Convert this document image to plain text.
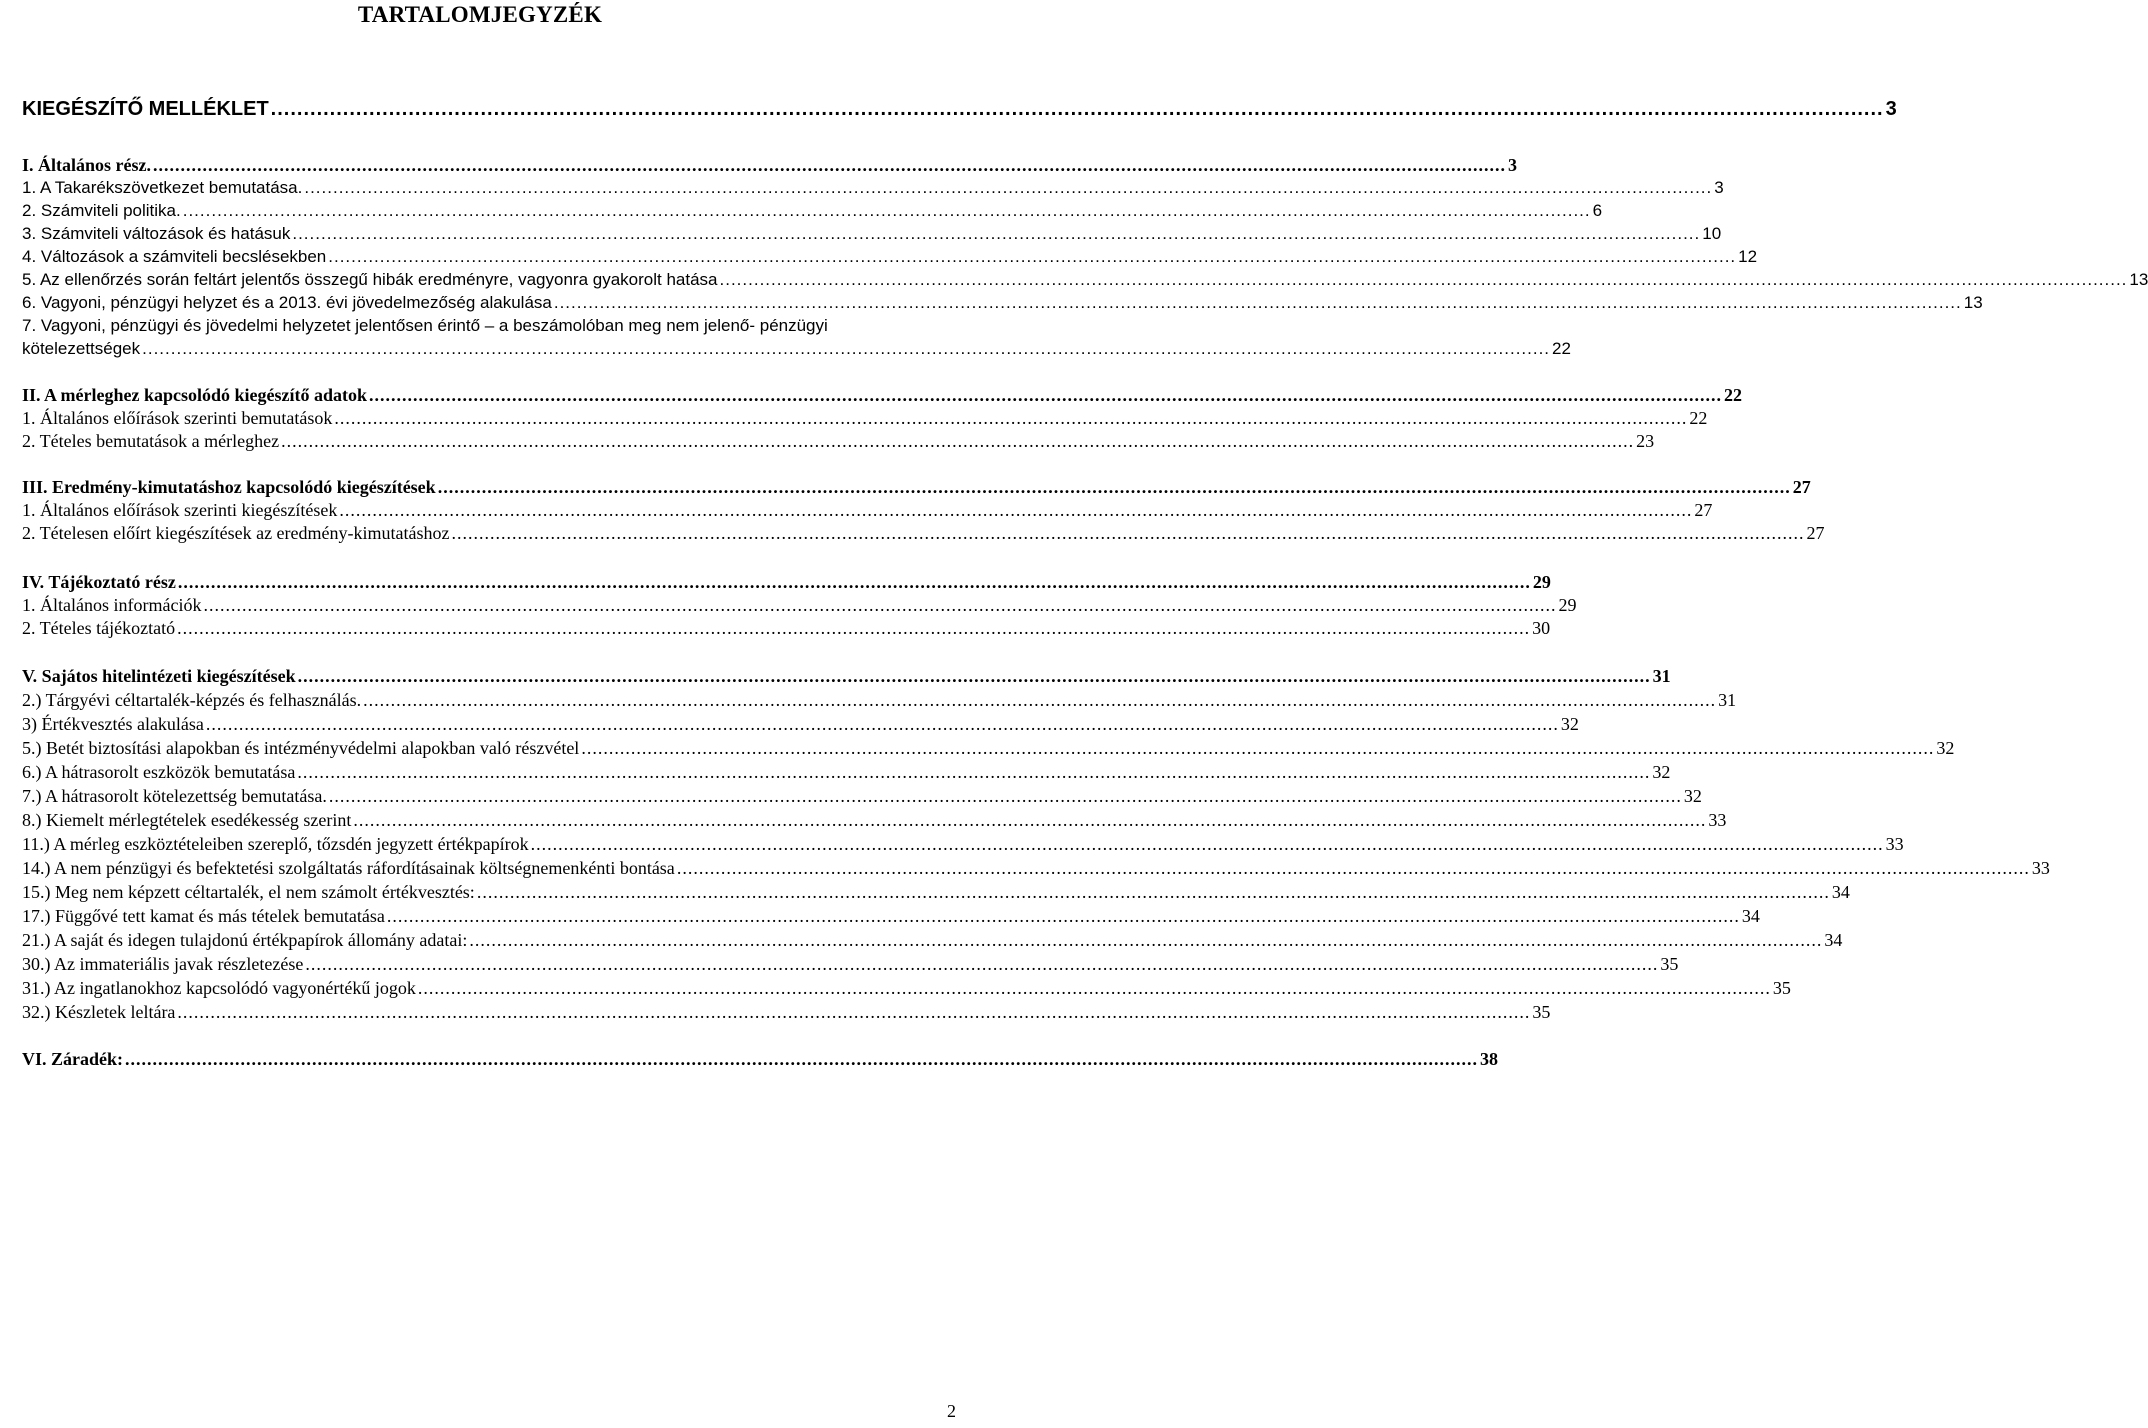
TARTALOMJEGYZÉK
KIEGÉSZÍTŐ MELLÉKLET .....	3
I. Általános rész. .....	3
1. A Takarékszövetkezet bemutatása. .....	3
2. Számviteli politika. .....	6
3. Számviteli változások és hatásuk .....	10
4. Változások a számviteli becslésekben .....	12
5. Az ellenőrzés során feltárt jelentős összegű hibák eredményre, vagyonra gyakorolt hatása .....	13
6. Vagyoni, pénzügyi helyzet és a 2013. évi jövedelmezőség alakulása .....	13
7. Vagyoni, pénzügyi és jövedelmi helyzetet jelentősen érintő – a beszámolóban meg nem jelenő- pénzügyi
kötelezettségek .....	22
II. A mérleghez kapcsolódó kiegészítő adatok .....	22
1. Általános előírások szerinti bemutatások .....	22
2. Tételes bemutatások a mérleghez .....	23
III. Eredmény-kimutatáshoz kapcsolódó kiegészítések .....	27
1. Általános előírások szerinti kiegészítések .....	27
2. Tételesen előírt kiegészítések az eredmény-kimutatáshoz .....	27
IV. Tájékoztató rész .....	29
1. Általános információk .....	29
2. Tételes tájékoztató .....	30
V. Sajátos hitelintézeti kiegészítések .....	31
2.) Tárgyévi céltartalék-képzés és felhasználás. .....	31
3) Értékvesztés alakulása .....	32
5.) Betét biztosítási alapokban és intézményvédelmi alapokban való részvétel .....	32
6.) A hátrasorolt eszközök bemutatása .....	32
7.) A hátrasorolt kötelezettség bemutatása. .....	32
8.) Kiemelt mérlegtételek esedékesség szerint .....	33
11.) A mérleg eszköztételeiben szereplő, tőzsdén jegyzett értékpapírok .....	33
14.) A nem pénzügyi és befektetési szolgáltatás ráfordításainak költségnemenkénti bontása .....	33
15.) Meg nem képzett céltartalék, el nem számolt értékvesztés: .....	34
17.) Függővé tett kamat és más tételek bemutatása .....	34
21.) A saját és idegen tulajdonú értékpapírok állomány adatai: .....	34
30.) Az immateriális javak részletezése .....	35
31.) Az ingatlanokhoz kapcsolódó vagyonértékű jogok .....	35
32.) Készletek leltára .....	35
VI. Záradék: .....	38
2
